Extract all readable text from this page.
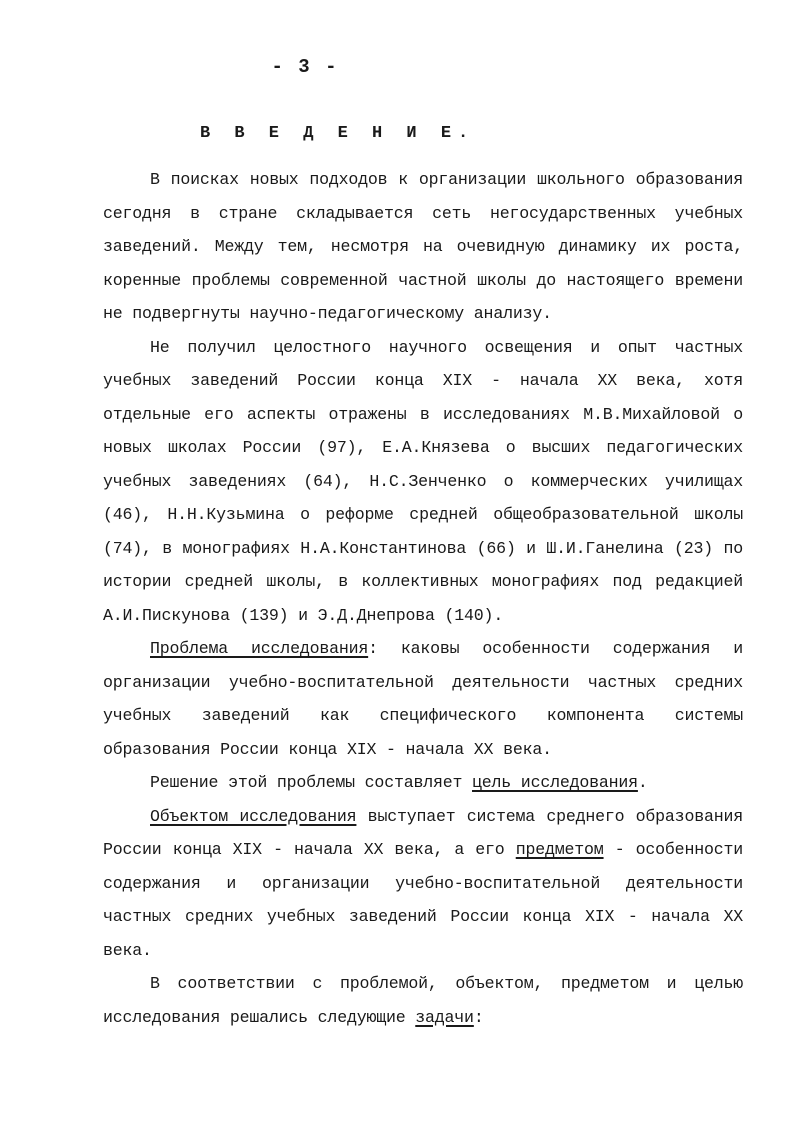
- 3 -
В В Е Д Е Н И Е.

В поисках новых подходов к организации школьного образования сегодня в стране складывается сеть негосударственных учебных заведений. Между тем, несмотря на очевидную динамику их роста, коренные проблемы современной частной школы до настоящего времени не подвергнуты научно-педагогическому анализу.

Не получил целостного научного освещения и опыт частных учебных заведений России конца XIX - начала XX века, хотя отдельные его аспекты отражены в исследованиях М.В.Михайловой о новых школах России (97), Е.А.Князева о высших педагогических учебных заведениях (64), Н.С.Зенченко о коммерческих училищах (46), Н.Н.Кузьмина о реформе средней общеобразовательной школы (74), в монографиях Н.А.Константинова (66) и Ш.И.Ганелина (23) по истории средней школы, в коллективных монографиях под редакцией А.И.Пискунова (139) и Э.Д.Днепрова (140).

Проблема исследования: каковы особенности содержания и организации учебно-воспитательной деятельности частных средних учебных заведений как специфического компонента системы образования России конца XIX - начала XX века.

Решение этой проблемы составляет цель исследования.

Объектом исследования выступает система среднего образования России конца XIX - начала XX века, а его предметом - особенности содержания и организации учебно-воспитательной деятельности частных средних учебных заведений России конца XIX - начала XX века.

В соответствии с проблемой, объектом, предметом и целью исследования решались следующие задачи:
